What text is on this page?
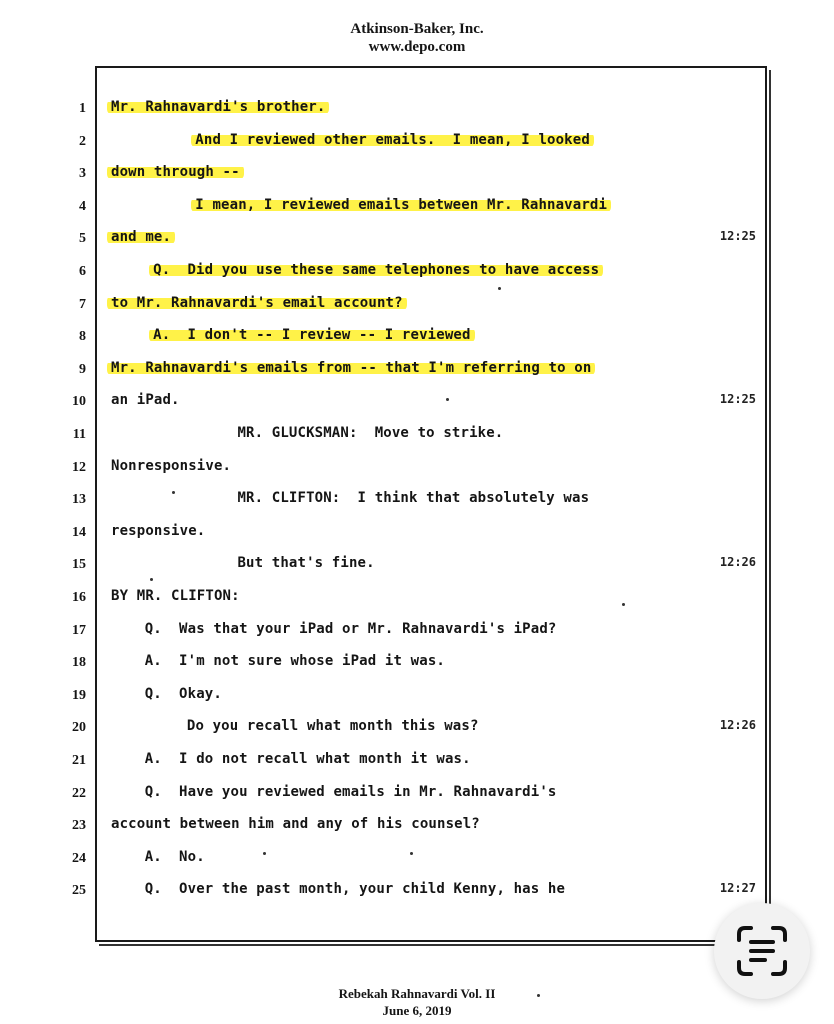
Atkinson-Baker, Inc.
www.depo.com
1 Mr. Rahnavardi's brother.
2	And I reviewed other emails.  I mean, I looked
3 down through --
4	I mean, I reviewed emails between Mr. Rahnavardi
5 and me.	12:25
6	Q.  Did you use these same telephones to have access
7 to Mr. Rahnavardi's email account?
8	A.  I don't -- I review -- I reviewed
9 Mr. Rahnavardi's emails from -- that I'm referring to on
10 an iPad.	12:25
11	MR. GLUCKSMAN:  Move to strike.
12 Nonresponsive.
13	MR. CLIFTON:  I think that absolutely was
14 responsive.
15	But that's fine.	12:26
16 BY MR. CLIFTON:
17	Q.  Was that your iPad or Mr. Rahnavardi's iPad?
18	A.  I'm not sure whose iPad it was.
19	Q.  Okay.
20	Do you recall what month this was?	12:26
21	A.  I do not recall what month it was.
22	Q.  Have you reviewed emails in Mr. Rahnavardi's
23 account between him and any of his counsel?
24	A.  No.
25	Q.  Over the past month, your child Kenny, has he	12:27
Rebekah Rahnavardi Vol. II
June 6, 2019
